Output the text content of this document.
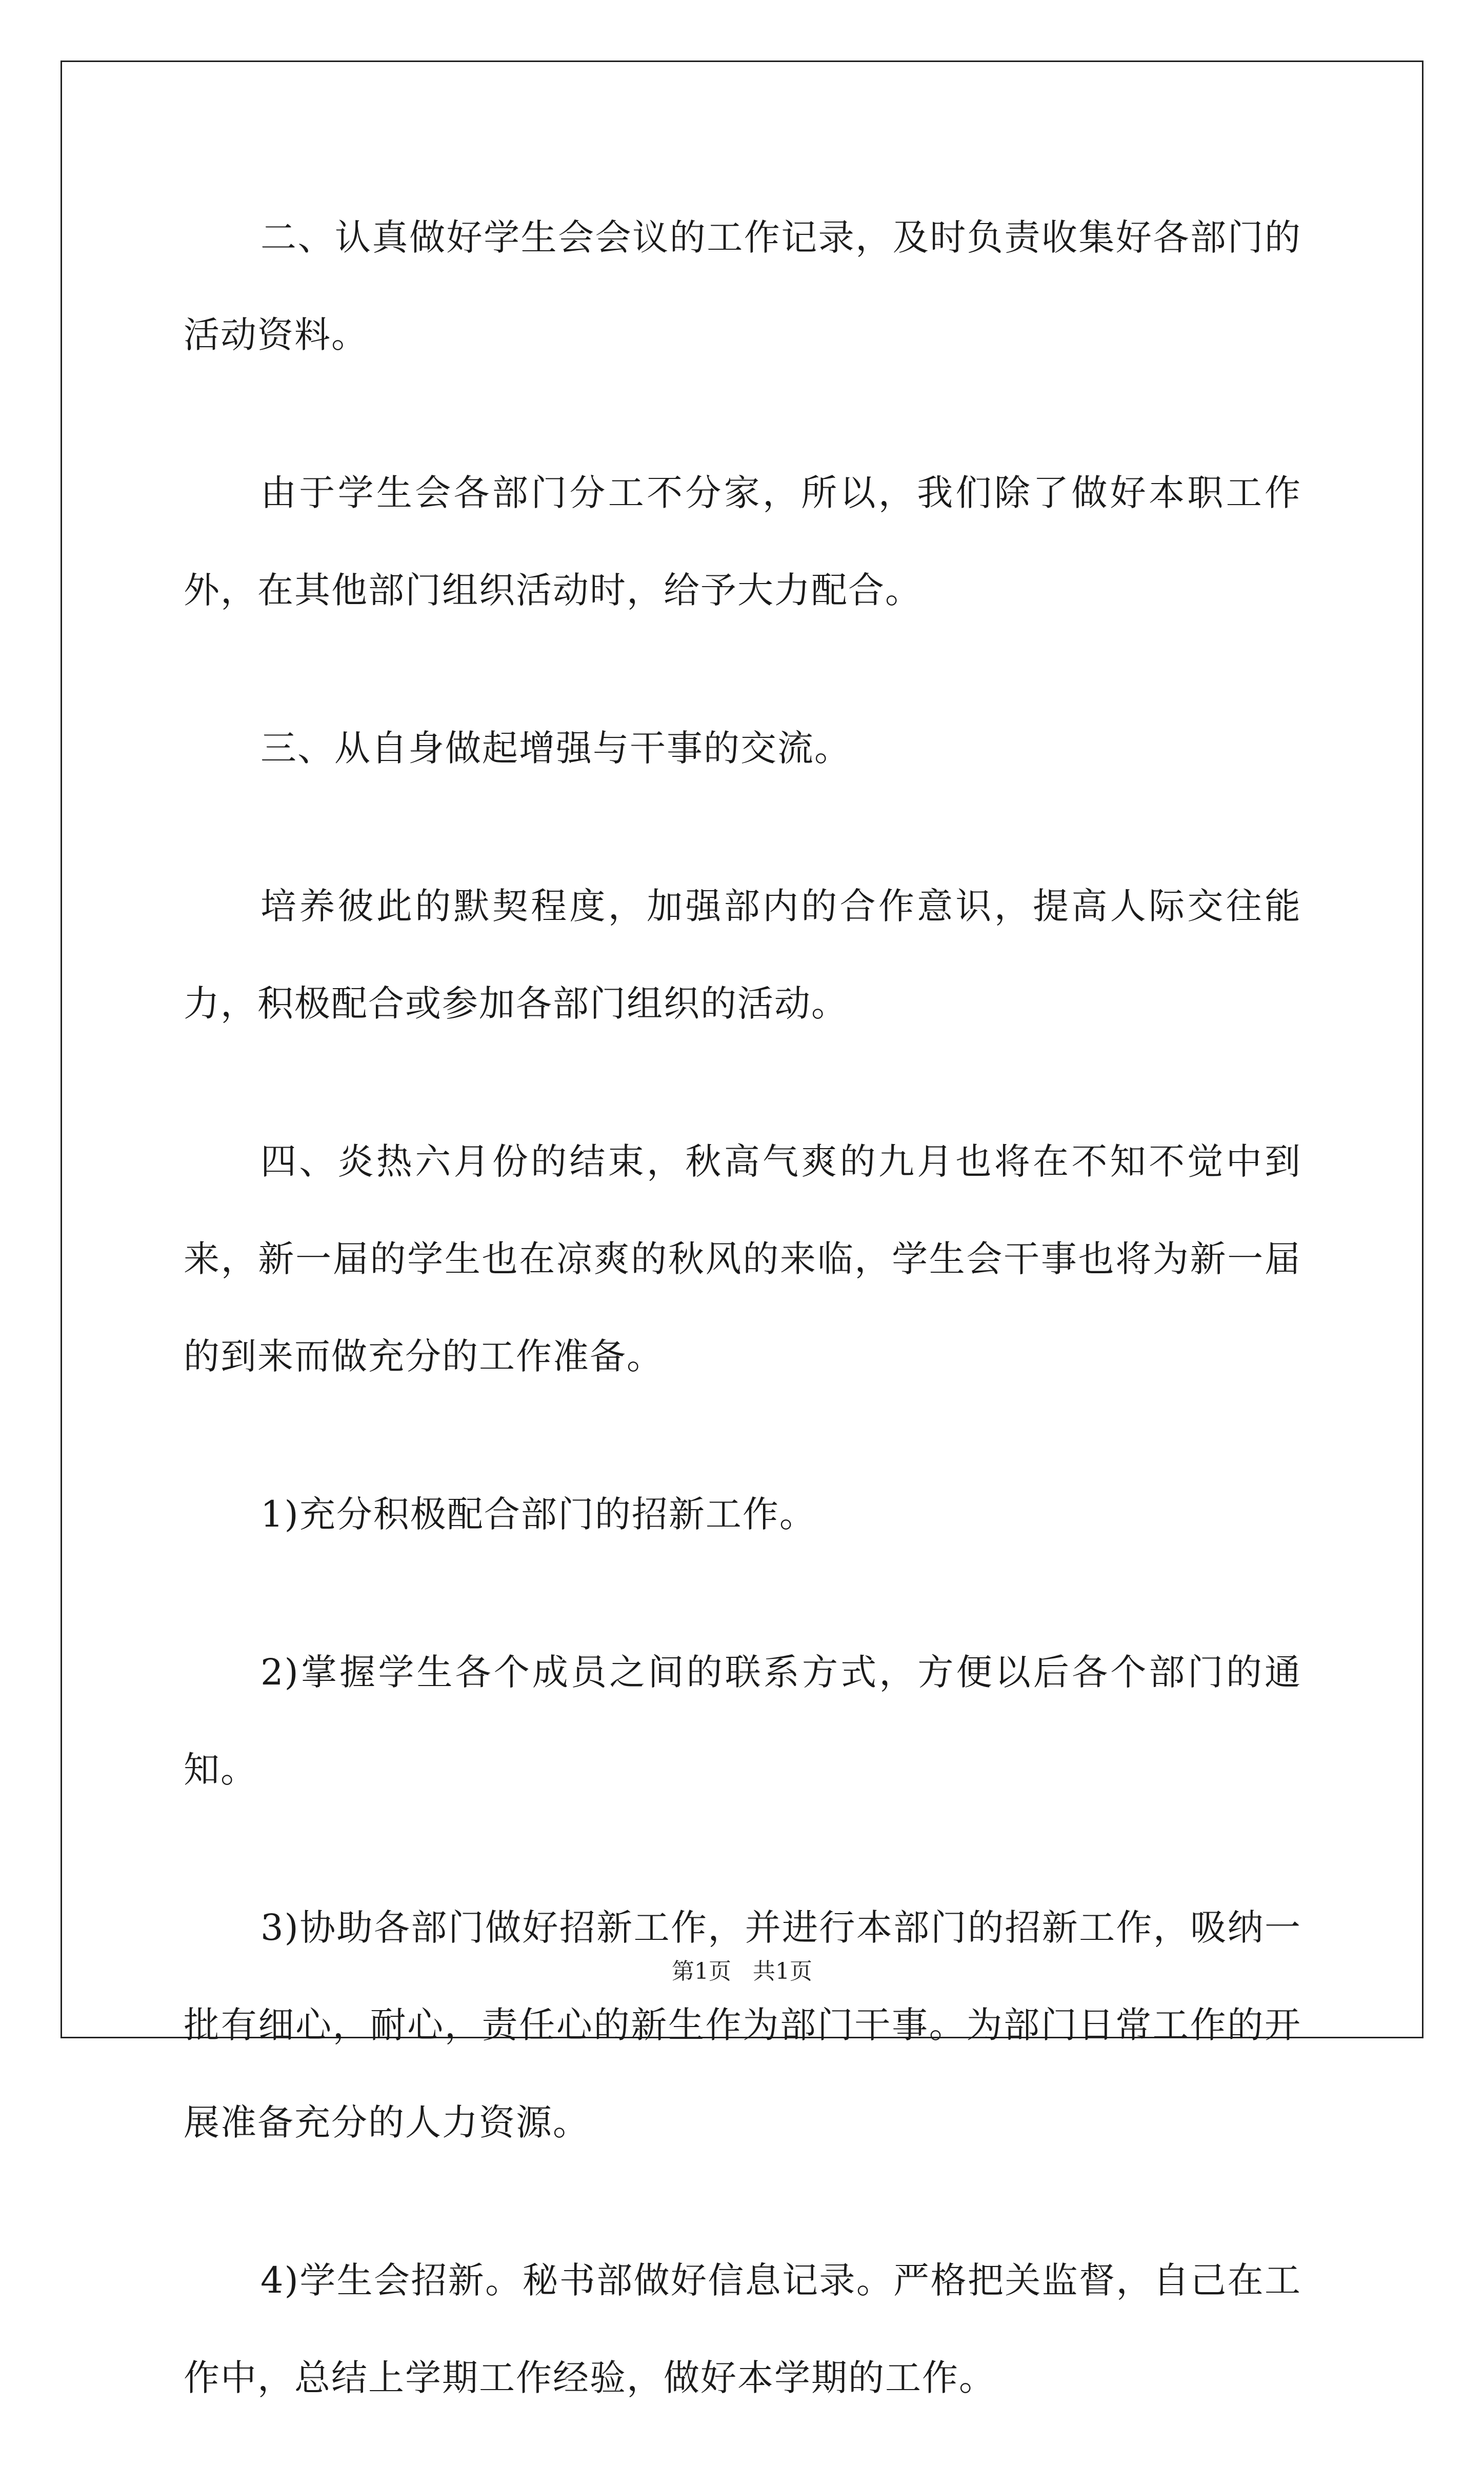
二、认真做好学生会会议的工作记录，及时负责收集好各部门的活动资料。

由于学生会各部门分工不分家，所以，我们除了做好本职工作外，在其他部门组织活动时，给予大力配合。

三、从自身做起增强与干事的交流。

培养彼此的默契程度，加强部内的合作意识，提高人际交往能力，积极配合或参加各部门组织的活动。

四、炎热六月份的结束，秋高气爽的九月也将在不知不觉中到来，新一届的学生也在凉爽的秋风的来临，学生会干事也将为新一届的到来而做充分的工作准备。

1)充分积极配合部门的招新工作。

2)掌握学生各个成员之间的联系方式，方便以后各个部门的通知。

3)协助各部门做好招新工作，并进行本部门的招新工作，吸纳一批有细心，耐心，责任心的新生作为部门干事。为部门日常工作的开展准备充分的人力资源。

4)学生会招新。秘书部做好信息记录。严格把关监督，自己在工作中，总结上学期工作经验，做好本学期的工作。

第1页 共1页
